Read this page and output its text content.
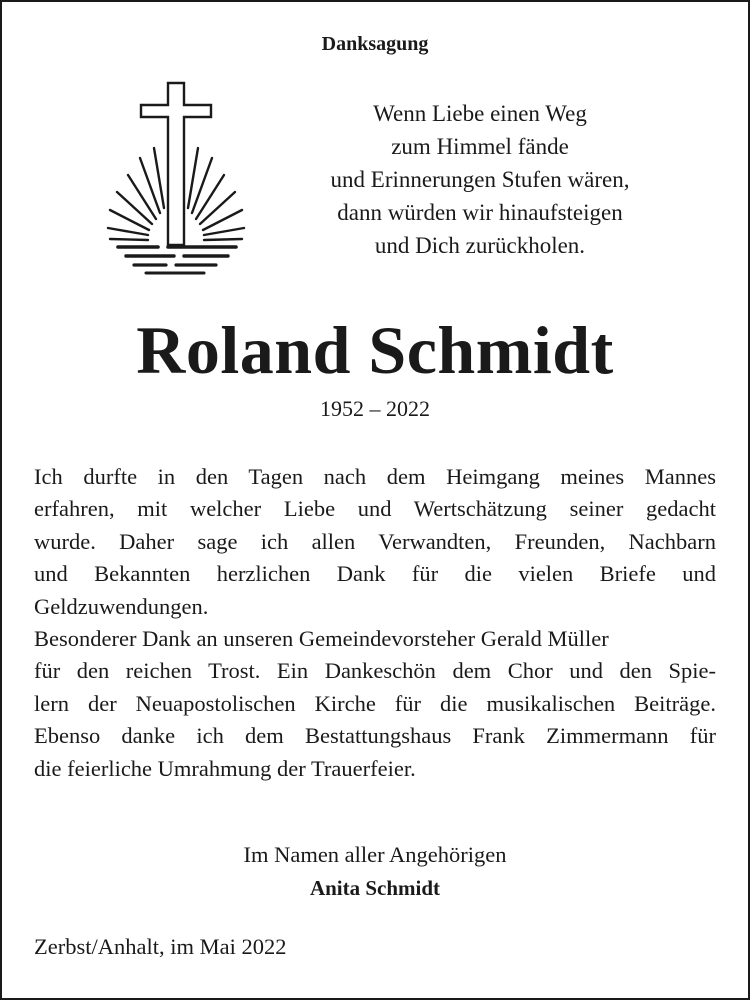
Danksagung
Wenn Liebe einen Weg
zum Himmel fände
und Erinnerungen Stufen wären,
dann würden wir hinaufsteigen
und Dich zurückholen.
Roland Schmidt
1952 – 2022
Ich durfte in den Tagen nach dem Heimgang meines Mannes
erfahren, mit welcher Liebe und Wertschätzung seiner gedacht
wurde. Daher sage ich allen Verwandten, Freunden, Nachbarn
und Bekannten herzlichen Dank für die vielen Briefe und
Geldzuwendungen.
Besonderer Dank an unseren Gemeindevorsteher Gerald Müller
für den reichen Trost. Ein Dankeschön dem Chor und den Spie-
lern der Neuapostolischen Kirche für die musikalischen Beiträge.
Ebenso danke ich dem Bestattungshaus Frank Zimmermann für
die feierliche Umrahmung der Trauerfeier.
Im Namen aller Angehörigen
Anita Schmidt
Zerbst/Anhalt, im Mai 2022
